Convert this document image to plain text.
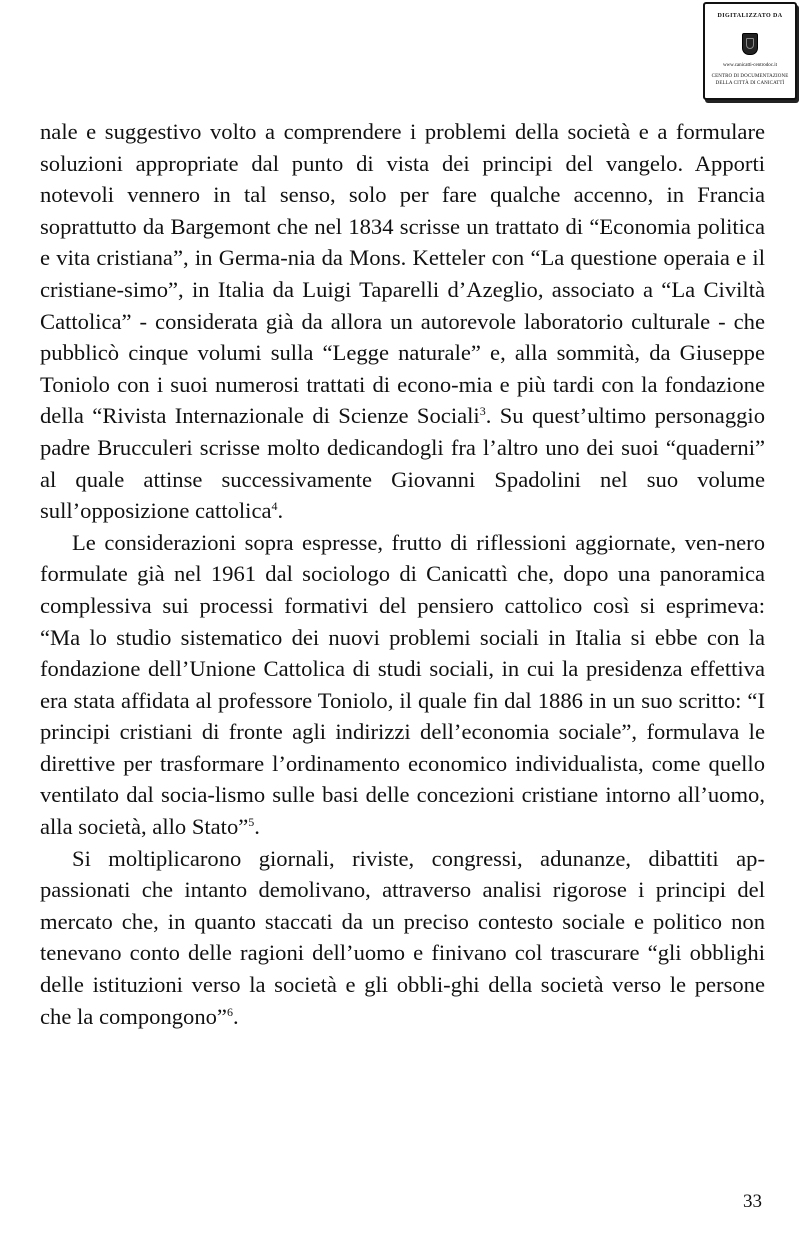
DIGITALIZZATO DA
www.canicatti-centrodoc.it
CENTRO DI DOCUMENTAZIONE
DELLA CITTÀ DI CANICATTÌ

nale e suggestivo volto a comprendere i problemi della società e a formulare soluzioni appropriate dal punto di vista dei principi del vangelo. Apporti notevoli vennero in tal senso, solo per fare qualche accenno, in Francia soprattutto da Bargemont che nel 1834 scrisse un trattato di “Economia politica e vita cristiana”, in Germa-nia da Mons. Ketteler con “La questione operaia e il cristiane-simo”, in Italia da Luigi Taparelli d’Azeglio, associato a “La Civiltà Cattolica” - considerata già da allora un autorevole laboratorio culturale - che pubblicò cinque volumi sulla “Legge naturale” e, alla sommità, da Giuseppe Toniolo con i suoi numerosi trattati di econo-mia e più tardi con la fondazione della “Rivista Internazionale di Scienze Sociali$^3$. Su quest’ultimo personaggio padre Brucculeri scrisse molto dedicandogli fra l’altro uno dei suoi “quaderni” al quale attinse successivamente Giovanni Spadolini nel suo volume sull’opposizione cattolica$^4$.

Le considerazioni sopra espresse, frutto di riflessioni aggiornate, ven-nero formulate già nel 1961 dal sociologo di Canicattì che, dopo una panoramica complessiva sui processi formativi del pensiero cattolico così si esprimeva: “Ma lo studio sistematico dei nuovi problemi sociali in Italia si ebbe con la fondazione dell’Unione Cattolica di studi sociali, in cui la presidenza effettiva era stata affidata al professore Toniolo, il quale fin dal 1886 in un suo scritto: “I principi cristiani di fronte agli indirizzi dell’economia sociale”, formulava le direttive per trasformare l’ordinamento economico individualista, come quello ventilato dal socia-lismo sulle basi delle concezioni cristiane intorno all’uomo, alla società, allo Stato”$^5$.

Si moltiplicarono giornali, riviste, congressi, adunanze, dibattiti ap-passionati che intanto demolivano, attraverso analisi rigorose i principi del mercato che, in quanto staccati da un preciso contesto sociale e politico non tenevano conto delle ragioni dell’uomo e finivano col trascurare “gli obblighi delle istituzioni verso la società e gli obbli-ghi della società verso le persone che la compongono”$^6$.

33
